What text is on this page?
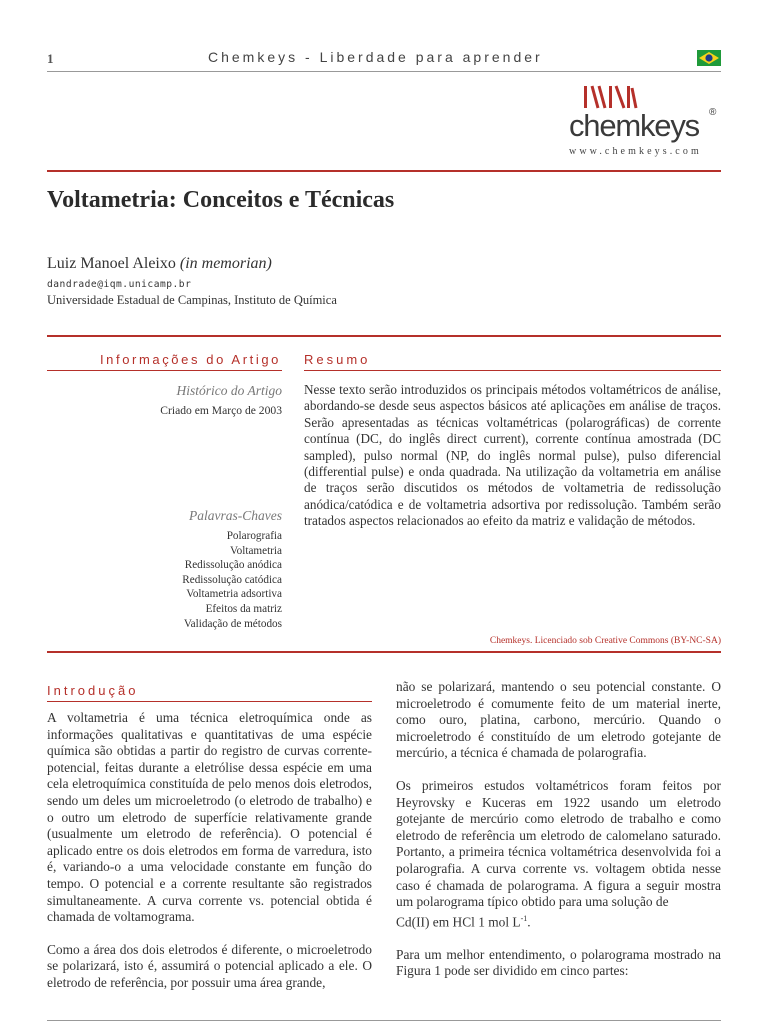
1	Chemkeys - Liberdade para aprender
chemkeys ®
www.chemkeys.com
Voltametria: Conceitos e Técnicas
Luiz Manoel Aleixo (in memorian)
dandrade@iqm.unicamp.br
Universidade Estadual de Campinas, Instituto de Química
Informações do Artigo
Histórico do Artigo
Criado em Março de 2003
Palavras-Chaves
Polarografia
Voltametria
Redissolução anódica
Redissolução catódica
Voltametria adsortiva
Efeitos da matriz
Validação de métodos
Resumo
Nesse texto serão introduzidos os principais métodos voltamétricos de análise, abordando-se desde seus aspectos básicos até aplicações em análise de traços. Serão apresentadas as técnicas voltamétricas (polarográficas) de corrente contínua (DC, do inglês direct current), corrente contínua amostrada (DC sampled), pulso normal (NP, do inglês normal pulse), pulso diferencial (differential pulse) e onda quadrada. Na utilização da voltametria em análise de traços serão discutidos os métodos de voltametria de redissolução anódica/catódica e de voltametria adsortiva por redissolução. Também serão tratados aspectos relacionados ao efeito da matriz e validação de métodos.
Chemkeys. Licenciado sob Creative Commons (BY-NC-SA)
Introdução

A voltametria é uma técnica eletroquímica onde as informações qualitativas e quantitativas de uma espécie química são obtidas a partir do registro de curvas corrente-potencial, feitas durante a eletrólise dessa espécie em uma cela eletroquímica constituída de pelo menos dois eletrodos, sendo um deles um microeletrodo (o eletrodo de trabalho) e o outro um eletrodo de superfície relativamente grande (usualmente um eletrodo de referência). O potencial é aplicado entre os dois eletrodos em forma de varredura, isto é, variando-o a uma velocidade constante em função do tempo. O potencial e a corrente resultante são registrados simultaneamente. A curva corrente vs. potencial obtida é chamada de voltamograma.

Como a área dos dois eletrodos é diferente, o microeletrodo se polarizará, isto é, assumirá o potencial aplicado a ele. O eletrodo de referência, por possuir uma área grande,

não se polarizará, mantendo o seu potencial constante. O microeletrodo é comumente feito de um material inerte, como ouro, platina, carbono, mercúrio. Quando o microeletrodo é constituído de um eletrodo gotejante de mercúrio, a técnica é chamada de polarografia.

Os primeiros estudos voltamétricos foram feitos por Heyrovsky e Kuceras em 1922 usando um eletrodo gotejante de mercúrio como eletrodo de trabalho e como eletrodo de referência um eletrodo de calomelano saturado. Portanto, a primeira técnica voltamétrica desenvolvida foi a polarografia. A curva corrente vs. voltagem obtida nesse caso é chamada de polarograma. A figura a seguir mostra um polarograma típico obtido para uma solução de

Cd(II) em HCl 1 mol $L^{-1}$.

Para um melhor entendimento, o polarograma mostrado na Figura 1 pode ser dividido em cinco partes:
